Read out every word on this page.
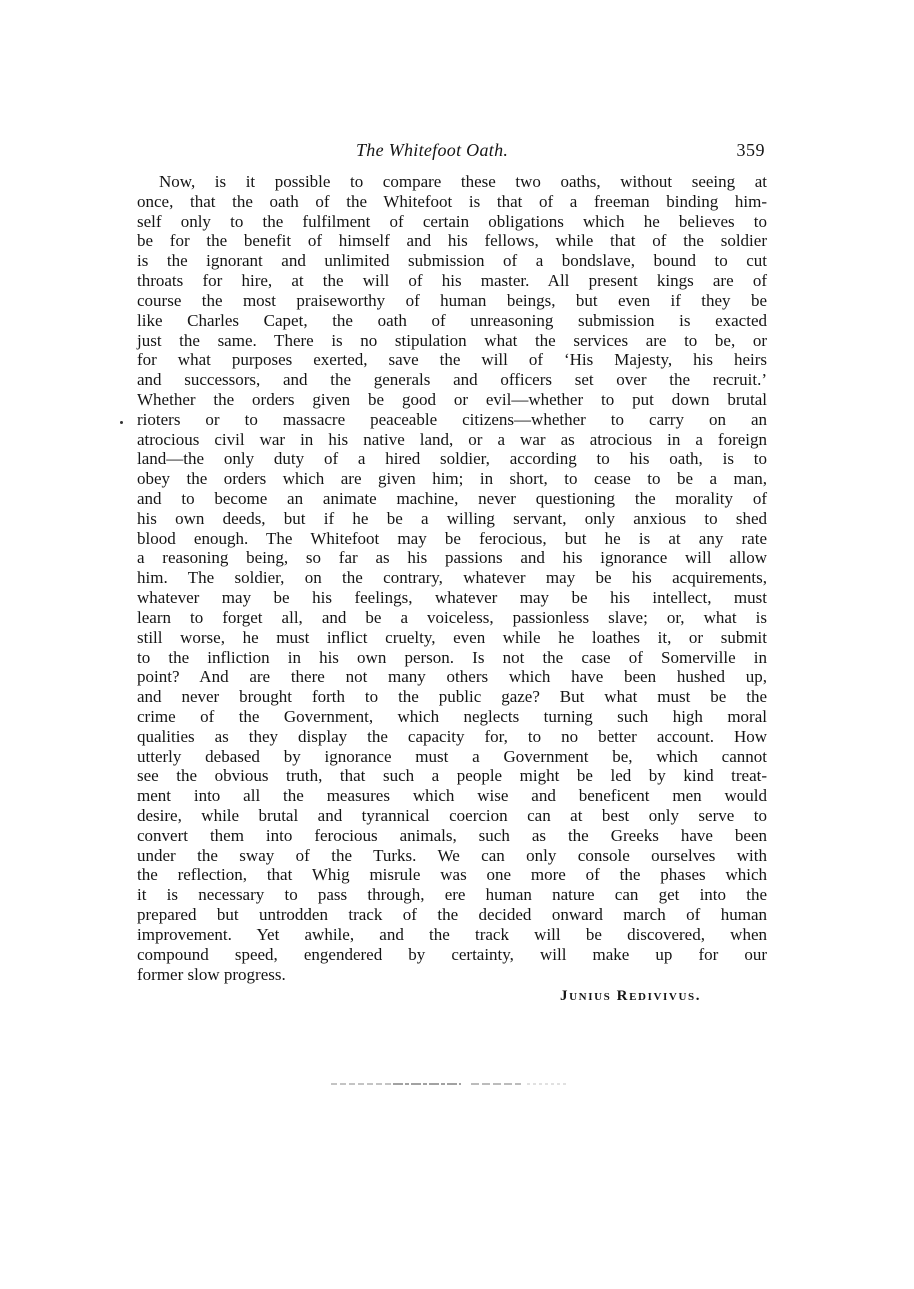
The Whitefoot Oath.	359
Now, is it possible to compare these two oaths, without seeing at
once, that the oath of the Whitefoot is that of a freeman binding him-
self only to the fulfilment of certain obligations which he believes to
be for the benefit of himself and his fellows, while that of the soldier
is the ignorant and unlimited submission of a bondslave, bound to cut
throats for hire, at the will of his master. All present kings are of
course the most praiseworthy of human beings, but even if they be
like Charles Capet, the oath of unreasoning submission is exacted
just the same. There is no stipulation what the services are to be, or
for what purposes exerted, save the will of ‘His Majesty, his heirs
and successors, and the generals and officers set over the recruit.’
Whether the orders given be good or evil—whether to put down brutal
rioters or to massacre peaceable citizens—whether to carry on an
atrocious civil war in his native land, or a war as atrocious in a foreign
land—the only duty of a hired soldier, according to his oath, is to
obey the orders which are given him; in short, to cease to be a man,
and to become an animate machine, never questioning the morality of
his own deeds, but if he be a willing servant, only anxious to shed
blood enough. The Whitefoot may be ferocious, but he is at any rate
a reasoning being, so far as his passions and his ignorance will allow
him. The soldier, on the contrary, whatever may be his acquirements,
whatever may be his feelings, whatever may be his intellect, must
learn to forget all, and be a voiceless, passionless slave; or, what is
still worse, he must inflict cruelty, even while he loathes it, or submit
to the infliction in his own person. Is not the case of Somerville in
point? And are there not many others which have been hushed up,
and never brought forth to the public gaze? But what must be the
crime of the Government, which neglects turning such high moral
qualities as they display the capacity for, to no better account. How
utterly debased by ignorance must a Government be, which cannot
see the obvious truth, that such a people might be led by kind treat-
ment into all the measures which wise and beneficent men would
desire, while brutal and tyrannical coercion can at best only serve to
convert them into ferocious animals, such as the Greeks have been
under the sway of the Turks. We can only console ourselves with
the reflection, that Whig misrule was one more of the phases which
it is necessary to pass through, ere human nature can get into the
prepared but untrodden track of the decided onward march of human
improvement. Yet awhile, and the track will be discovered, when
compound speed, engendered by certainty, will make up for our
former slow progress.
Junius Redivivus.
